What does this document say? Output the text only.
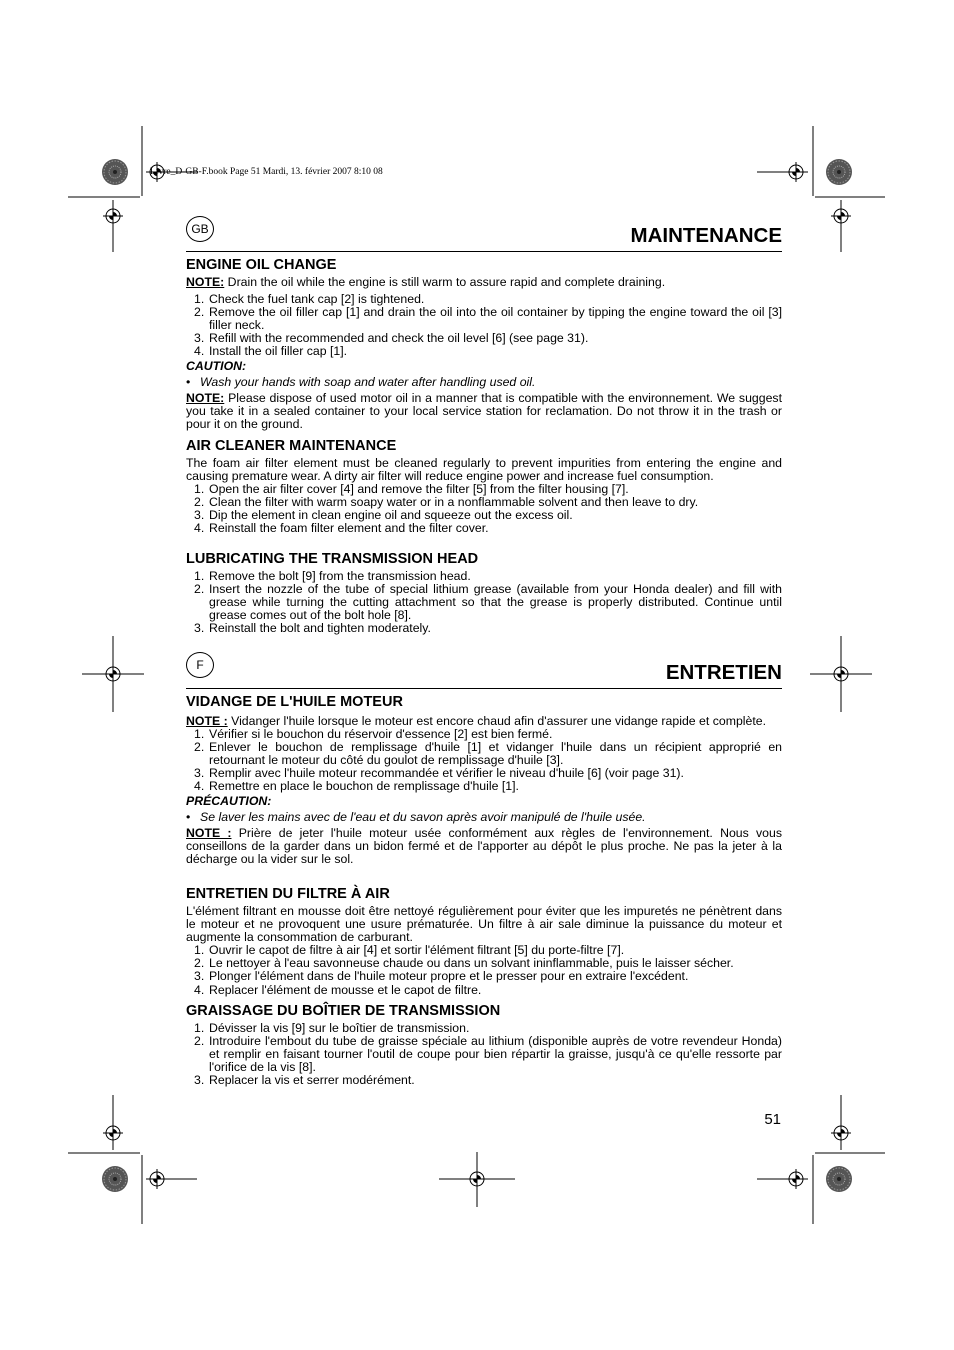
Livre_D-GB-F.book Page 51 Mardi, 13. février 2007 8:10 08
GB	MAINTENANCE
ENGINE OIL CHANGE

NOTE: Drain the oil while the engine is still warm to assure rapid and complete draining.

1. Check the fuel tank cap [2] is tightened.
2. Remove the oil filler cap [1] and drain the oil into the oil container by tipping the engine toward the oil [3] filler neck.
3. Refill with the recommended and check the oil level [6] (see page 31).
4. Install the oil filler cap [1].
CAUTION:
• Wash your hands with soap and water after handling used oil.

NOTE: Please dispose of used motor oil in a manner that is compatible with the environnement. We suggest you take it in a sealed container to your local service station for reclamation. Do not throw it in the trash or pour it on the ground.

AIR CLEANER MAINTENANCE

The foam air filter element must be cleaned regularly to prevent impurities from entering the engine and causing premature wear. A dirty air filter will reduce engine power and increase fuel consumption.

1. Open the air filter cover [4] and remove the filter [5] from the filter housing [7].
2. Clean the filter with warm soapy water or in a nonflammable solvent and then leave to dry.
3. Dip the element in clean engine oil and squeeze out the excess oil.
4. Reinstall the foam filter element and the filter cover.
LUBRICATING THE TRANSMISSION HEAD
1. Remove the bolt [9] from the transmission head.
2. Insert the nozzle of the tube of special lithium grease (available from your Honda dealer) and fill with grease while turning the cutting attachment so that the grease is properly distributed. Continue until grease comes out of the bolt hole [8].
3. Reinstall the bolt and tighten moderately.
F	ENTRETIEN
VIDANGE DE L'HUILE MOTEUR

NOTE : Vidanger l'huile lorsque le moteur est encore chaud afin d'assurer une vidange rapide et complète.

1. Vérifier si le bouchon du réservoir d'essence [2] est bien fermé.
2. Enlever le bouchon de remplissage d'huile [1] et vidanger l'huile dans un récipient approprié en retournant le moteur du côté du goulot de remplissage d'huile [3].
3. Remplir avec l'huile moteur recommandée et vérifier le niveau d'huile [6] (voir page 31).
4. Remettre en place le bouchon de remplissage d'huile [1].
PRÉCAUTION:
• Se laver les mains avec de l'eau et du savon après avoir manipulé de l'huile usée.

NOTE : Prière de jeter l'huile moteur usée conformément aux règles de l'environnement. Nous vous conseillons de la garder dans un bidon fermé et de l'apporter au dépôt le plus proche. Ne pas la jeter à la décharge ou la vider sur le sol.

ENTRETIEN DU FILTRE À AIR

L'élément filtrant en mousse doit être nettoyé régulièrement pour éviter que les impuretés ne pénètrent dans le moteur et ne provoquent une usure prématurée. Un filtre à air sale diminue la puissance du moteur et augmente la consommation de carburant.

1. Ouvrir le capot de filtre à air [4] et sortir l'élément filtrant [5] du porte-filtre [7].
2. Le nettoyer à l'eau savonneuse chaude ou dans un solvant ininflammable, puis le laisser sécher.
3. Plonger l'élément dans de l'huile moteur propre et le presser pour en extraire l'excédent.
4. Replacer l'élément de mousse et le capot de filtre.
GRAISSAGE DU BOÎTIER DE TRANSMISSION
1. Dévisser la vis [9] sur le boîtier de transmission.
2. Introduire l'embout du tube de graisse spéciale au lithium (disponible auprès de votre revendeur Honda) et remplir en faisant tourner l'outil de coupe pour bien répartir la graisse, jusqu'à ce qu'elle ressorte par l'orifice de la vis [8].
3. Replacer la vis et serrer modérément.
51
